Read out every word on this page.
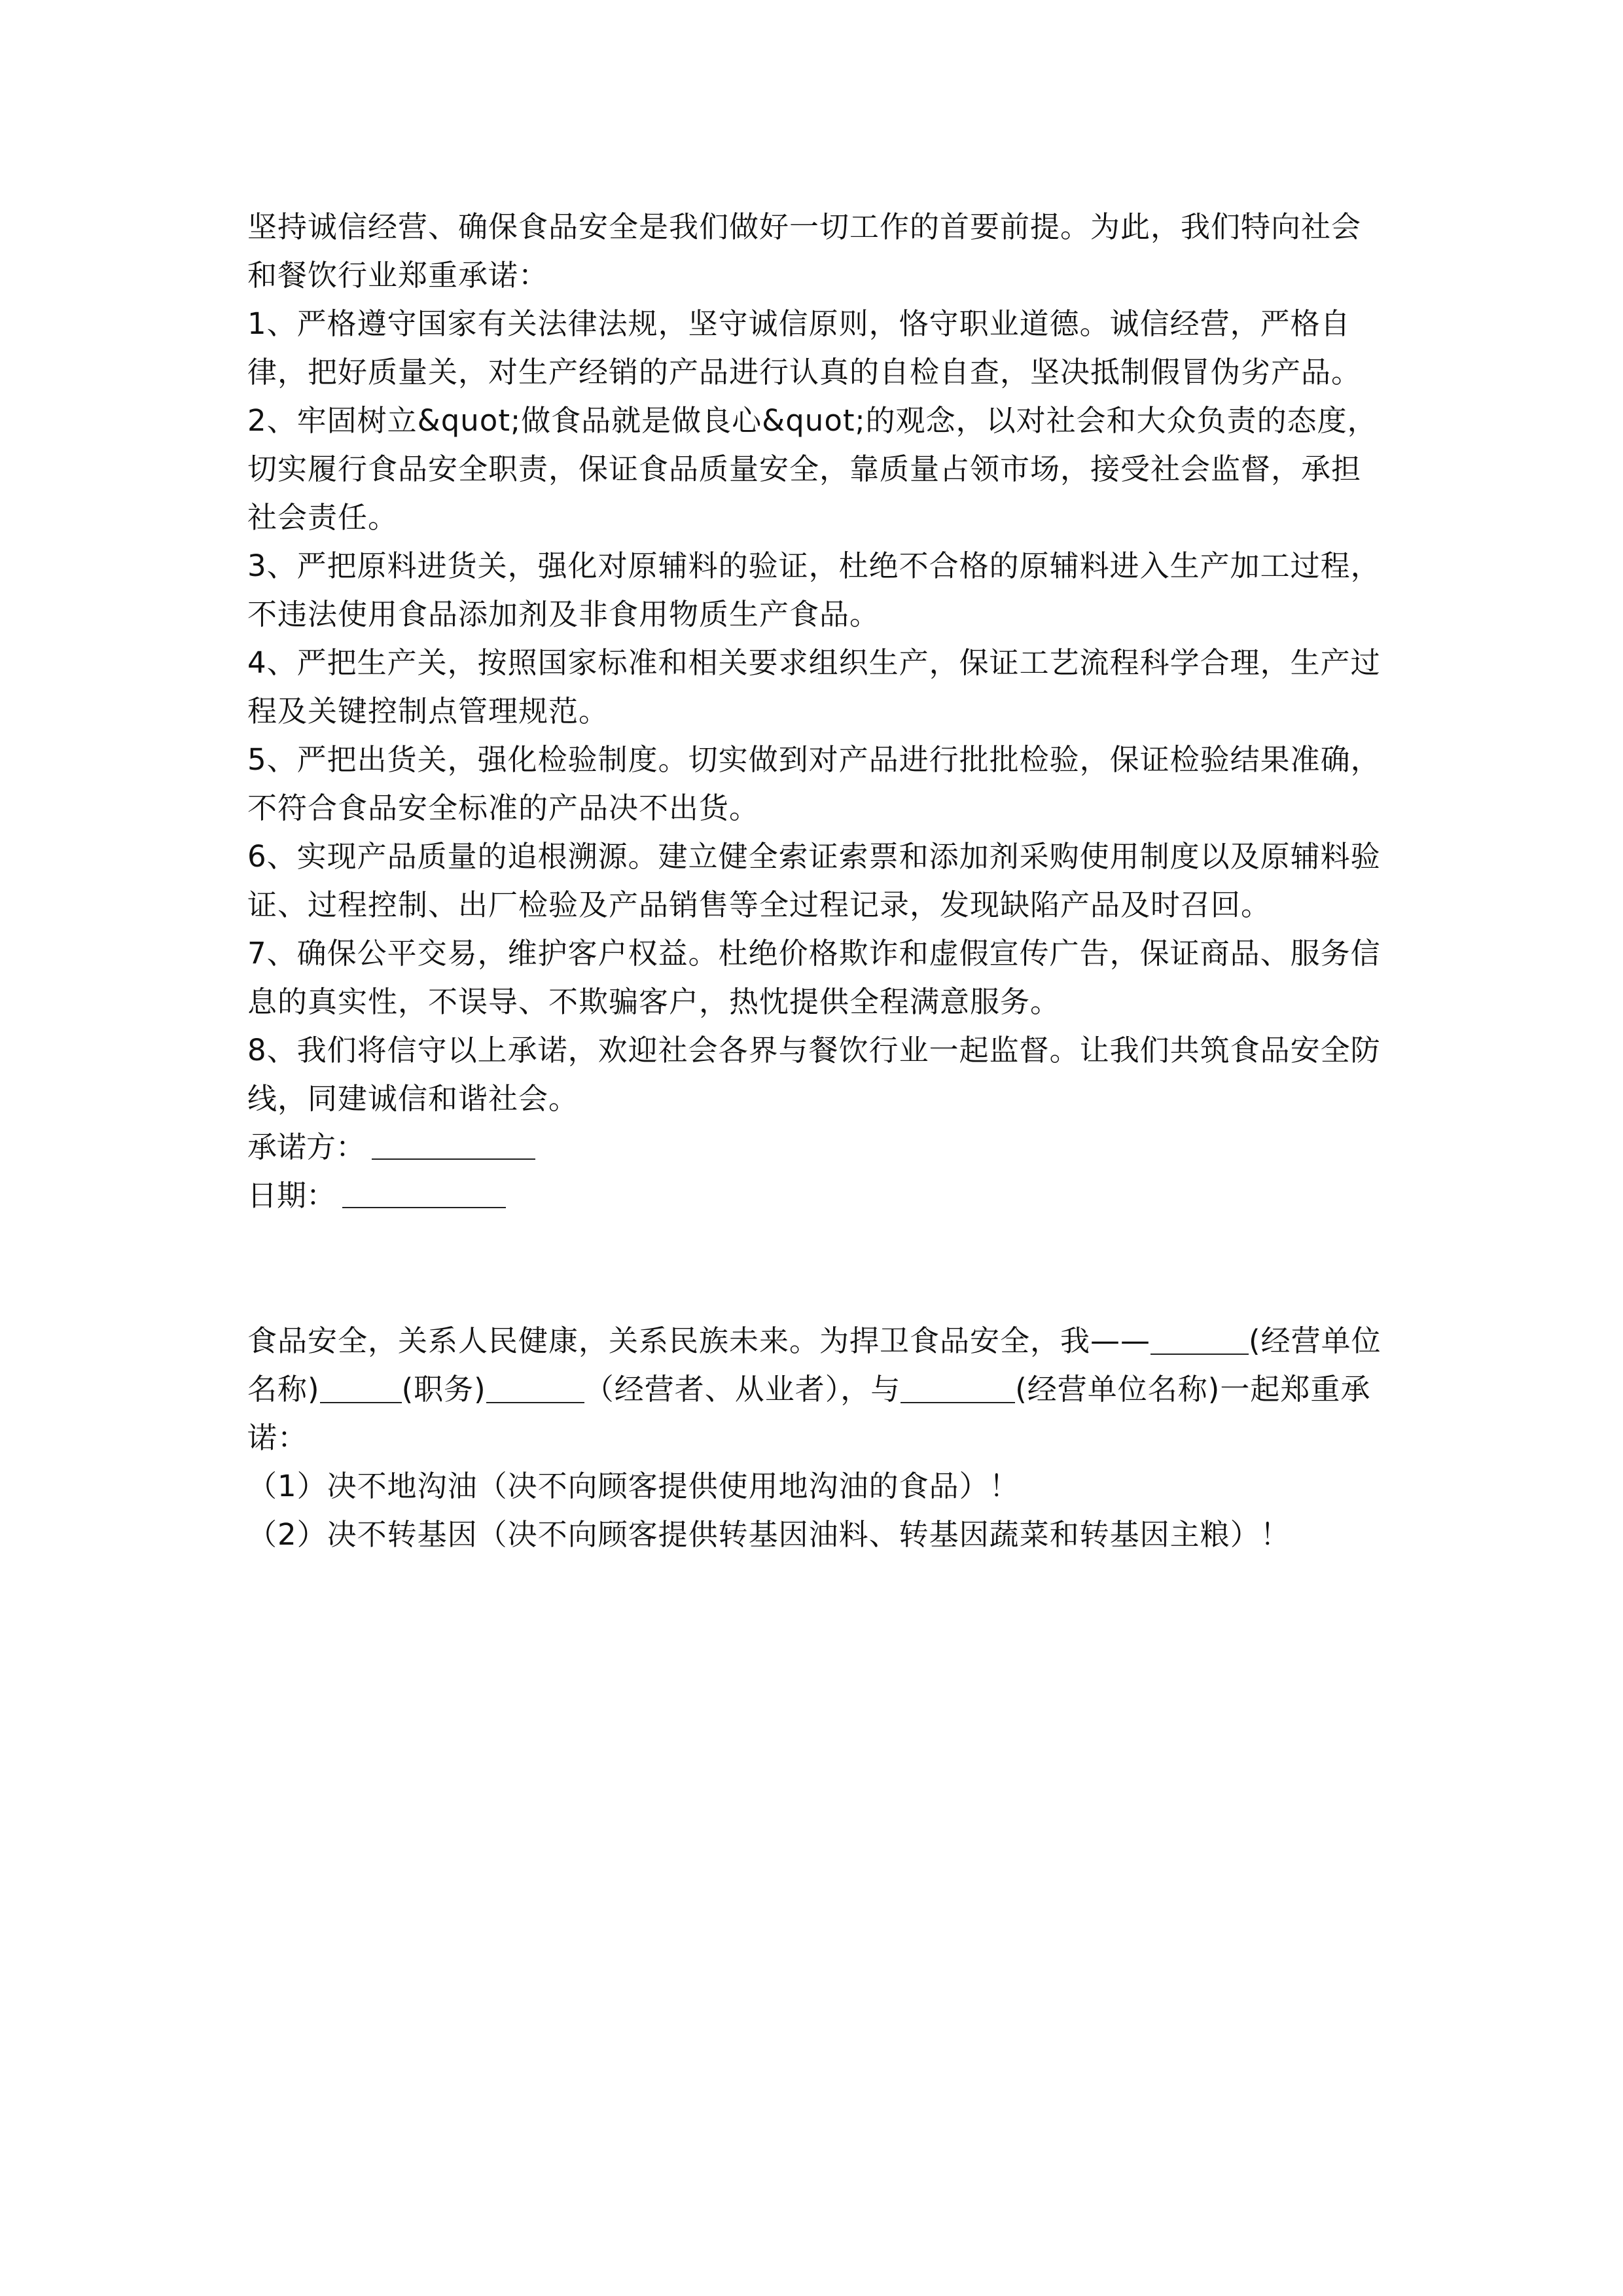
坚持诚信经营、确保食品安全是我们做好一切工作的首要前提。为此，我们特向社会和餐饮行业郑重承诺：

1、严格遵守国家有关法律法规，坚守诚信原则，恪守职业道德。诚信经营，严格自律，把好质量关，对生产经销的产品进行认真的自检自查，坚决抵制假冒伪劣产品。

2、牢固树立&quot;做食品就是做良心&quot;的观念，以对社会和大众负责的态度，切实履行食品安全职责，保证食品质量安全，靠质量占领市场，接受社会监督，承担社会责任。

3、严把原料进货关，强化对原辅料的验证，杜绝不合格的原辅料进入生产加工过程，不违法使用食品添加剂及非食用物质生产食品。

4、严把生产关，按照国家标准和相关要求组织生产，保证工艺流程科学合理，生产过程及关键控制点管理规范。

5、严把出货关，强化检验制度。切实做到对产品进行批批检验，保证检验结果准确，不符合食品安全标准的产品决不出货。

6、实现产品质量的追根溯源。建立健全索证索票和添加剂采购使用制度以及原辅料验证、过程控制、出厂检验及产品销售等全过程记录，发现缺陷产品及时召回。

7、确保公平交易，维护客户权益。杜绝价格欺诈和虚假宣传广告，保证商品、服务信息的真实性，不误导、不欺骗客户，热忱提供全程满意服务。

8、我们将信守以上承诺，欢迎社会各界与餐饮行业一起监督。让我们共筑食品安全防线，同建诚信和谐社会。

承诺方：
日期：

食品安全，关系人民健康，关系民族未来。为捍卫食品安全，我——	(经营单位名称)	(职务)	（经营者、从业者），与	(经营单位名称)一起郑重承诺：

（1）决不地沟油（决不向顾客提供使用地沟油的食品）！

（2）决不转基因（决不向顾客提供转基因油料、转基因蔬菜和转基因主粮）！
